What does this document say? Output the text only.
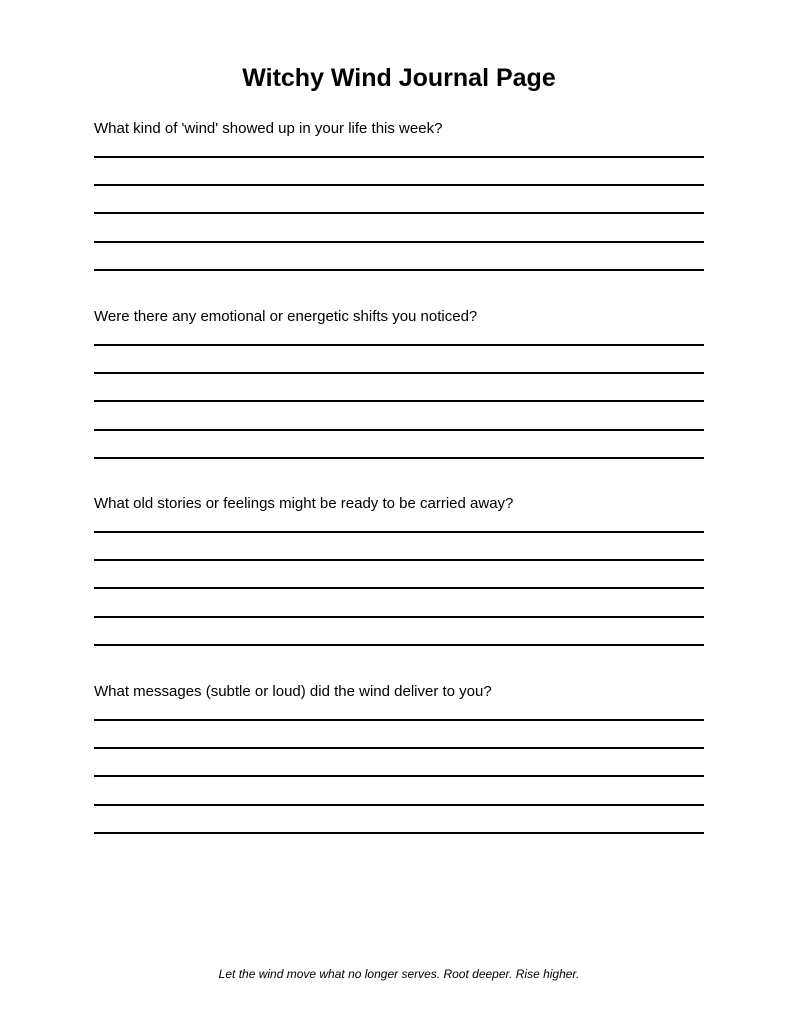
Witchy Wind Journal Page

What kind of 'wind' showed up in your life this week?

Were there any emotional or energetic shifts you noticed?

What old stories or feelings might be ready to be carried away?

What messages (subtle or loud) did the wind deliver to you?

Let the wind move what no longer serves. Root deeper. Rise higher.
